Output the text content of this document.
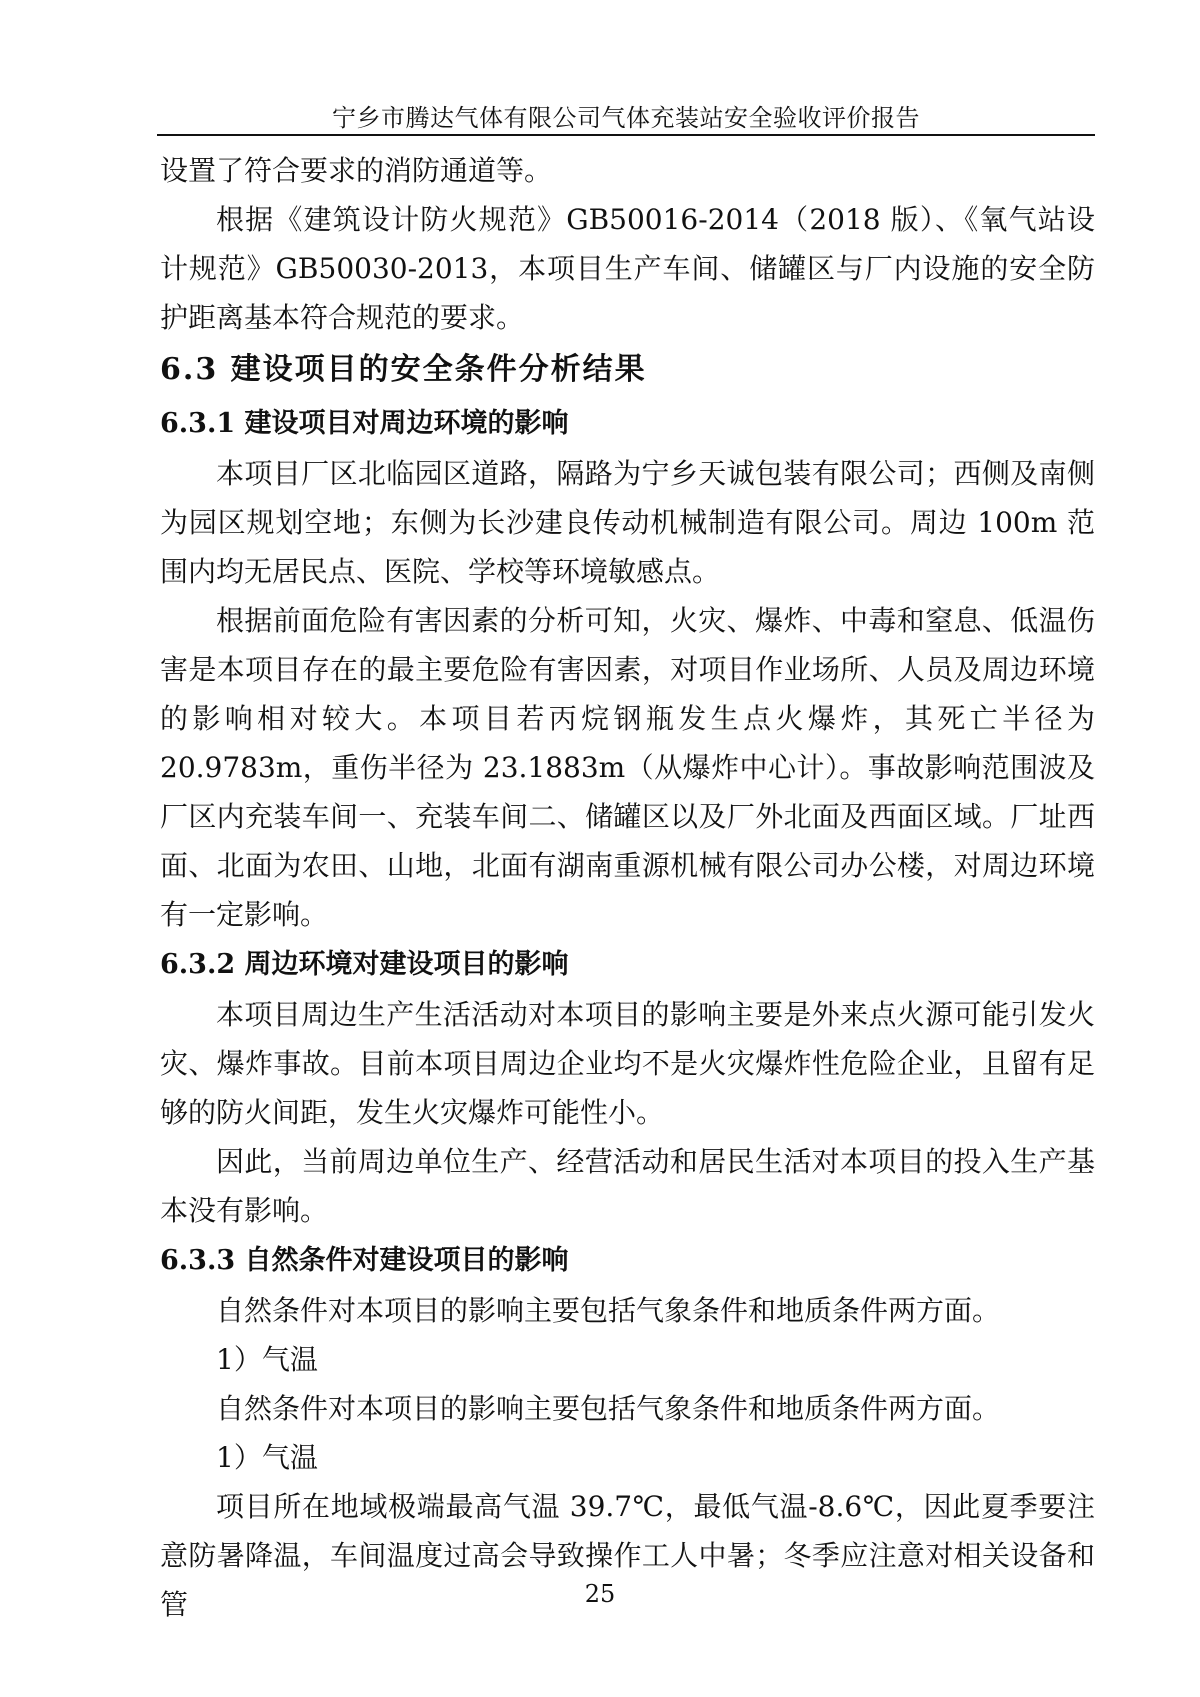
宁乡市腾达气体有限公司气体充装站安全验收评价报告

设置了符合要求的消防通道等。

根据《建筑设计防火规范》GB50016-2014（2018 版）、《氧气站设计规范》GB50030-2013，本项目生产车间、储罐区与厂内设施的安全防护距离基本符合规范的要求。

6.3 建设项目的安全条件分析结果
6.3.1 建设项目对周边环境的影响

本项目厂区北临园区道路，隔路为宁乡天诚包装有限公司；西侧及南侧为园区规划空地；东侧为长沙建良传动机械制造有限公司。周边 100m 范围内均无居民点、医院、学校等环境敏感点。

根据前面危险有害因素的分析可知，火灾、爆炸、中毒和窒息、低温伤害是本项目存在的最主要危险有害因素，对项目作业场所、人员及周边环境的影响相对较大。本项目若丙烷钢瓶发生点火爆炸，其死亡半径为 20.9783m，重伤半径为 23.1883m（从爆炸中心计）。事故影响范围波及厂区内充装车间一、充装车间二、储罐区以及厂外北面及西面区域。厂址西面、北面为农田、山地，北面有湖南重源机械有限公司办公楼，对周边环境有一定影响。

6.3.2 周边环境对建设项目的影响

本项目周边生产生活活动对本项目的影响主要是外来点火源可能引发火灾、爆炸事故。目前本项目周边企业均不是火灾爆炸性危险企业，且留有足够的防火间距，发生火灾爆炸可能性小。

因此，当前周边单位生产、经营活动和居民生活对本项目的投入生产基本没有影响。

6.3.3 自然条件对建设项目的影响

自然条件对本项目的影响主要包括气象条件和地质条件两方面。

1）气温

自然条件对本项目的影响主要包括气象条件和地质条件两方面。

1）气温

项目所在地域极端最高气温 39.7℃，最低气温-8.6℃，因此夏季要注意防暑降温，车间温度过高会导致操作工人中暑；冬季应注意对相关设备和管	25
